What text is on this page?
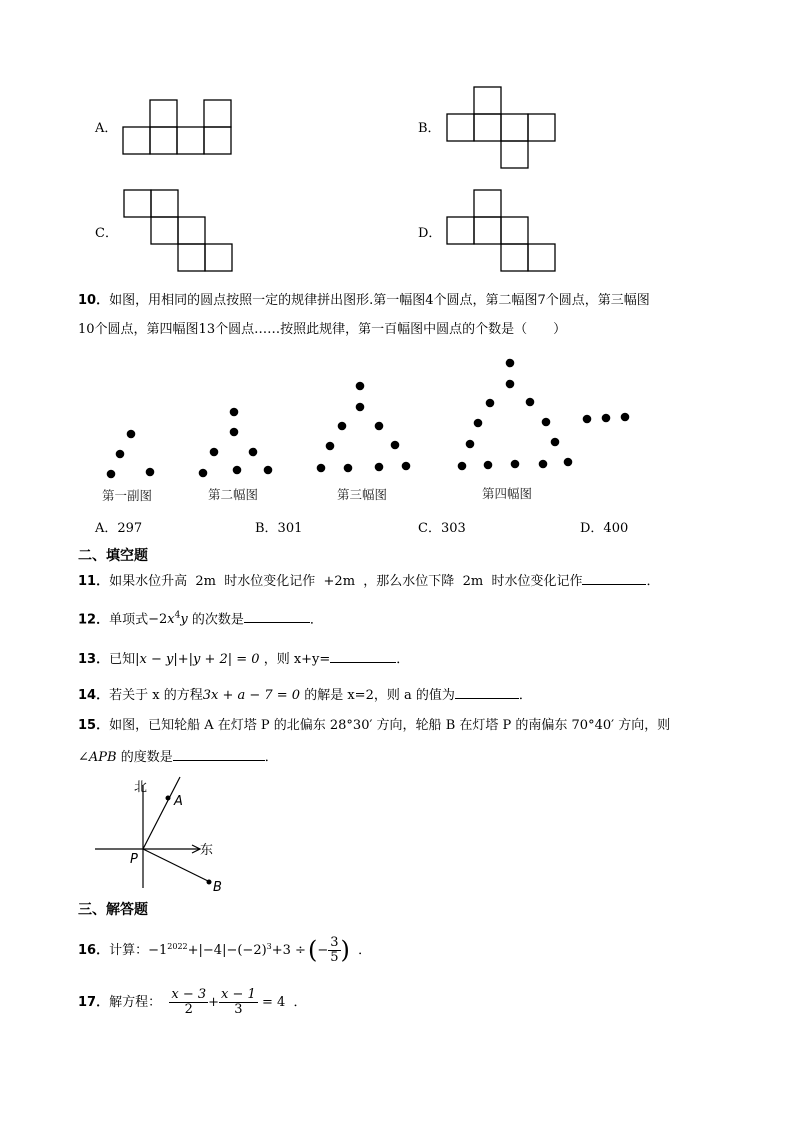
A．	B．
C．	D．
10．如图，用相同的圆点按照一定的规律拼出图形.第一幅图4个圆点，第二幅图7个圆点，第三幅图
10个圆点，第四幅图13个圆点……按照此规律，第一百幅图中圆点的个数是（　　）
第一副图	第二幅图	第三幅图	第四幅图
A．297	B．301	C．303	D．400
二、填空题
11．如果水位升高 2m 时水位变化记作 +2m ，那么水位下降 2m 时水位变化记作	．
12．单项式$-2x^4y$ 的次数是	．
13．已知|x − y|+|y + 2| = 0 ，则 x+y=	．
14．若关于 x 的方程3x + a − 7 = 0 的解是 x=2，则 a 的值为	．
15．如图，已知轮船 A 在灯塔 P 的北偏东 28°30′ 方向，轮船 B 在灯塔 P 的南偏东 70°40′ 方向，则
∠APB 的度数是	．
北
东
A
P
B
三、解答题
16． 计算： $-1^{2022} +|-4|-(-2)^3 +3$ ÷ ( − $\frac{3}{5}$ )
．
17． 解方程：
$\frac{x - 3}{2} + \frac{x - 1}{3}$
= 4
．
